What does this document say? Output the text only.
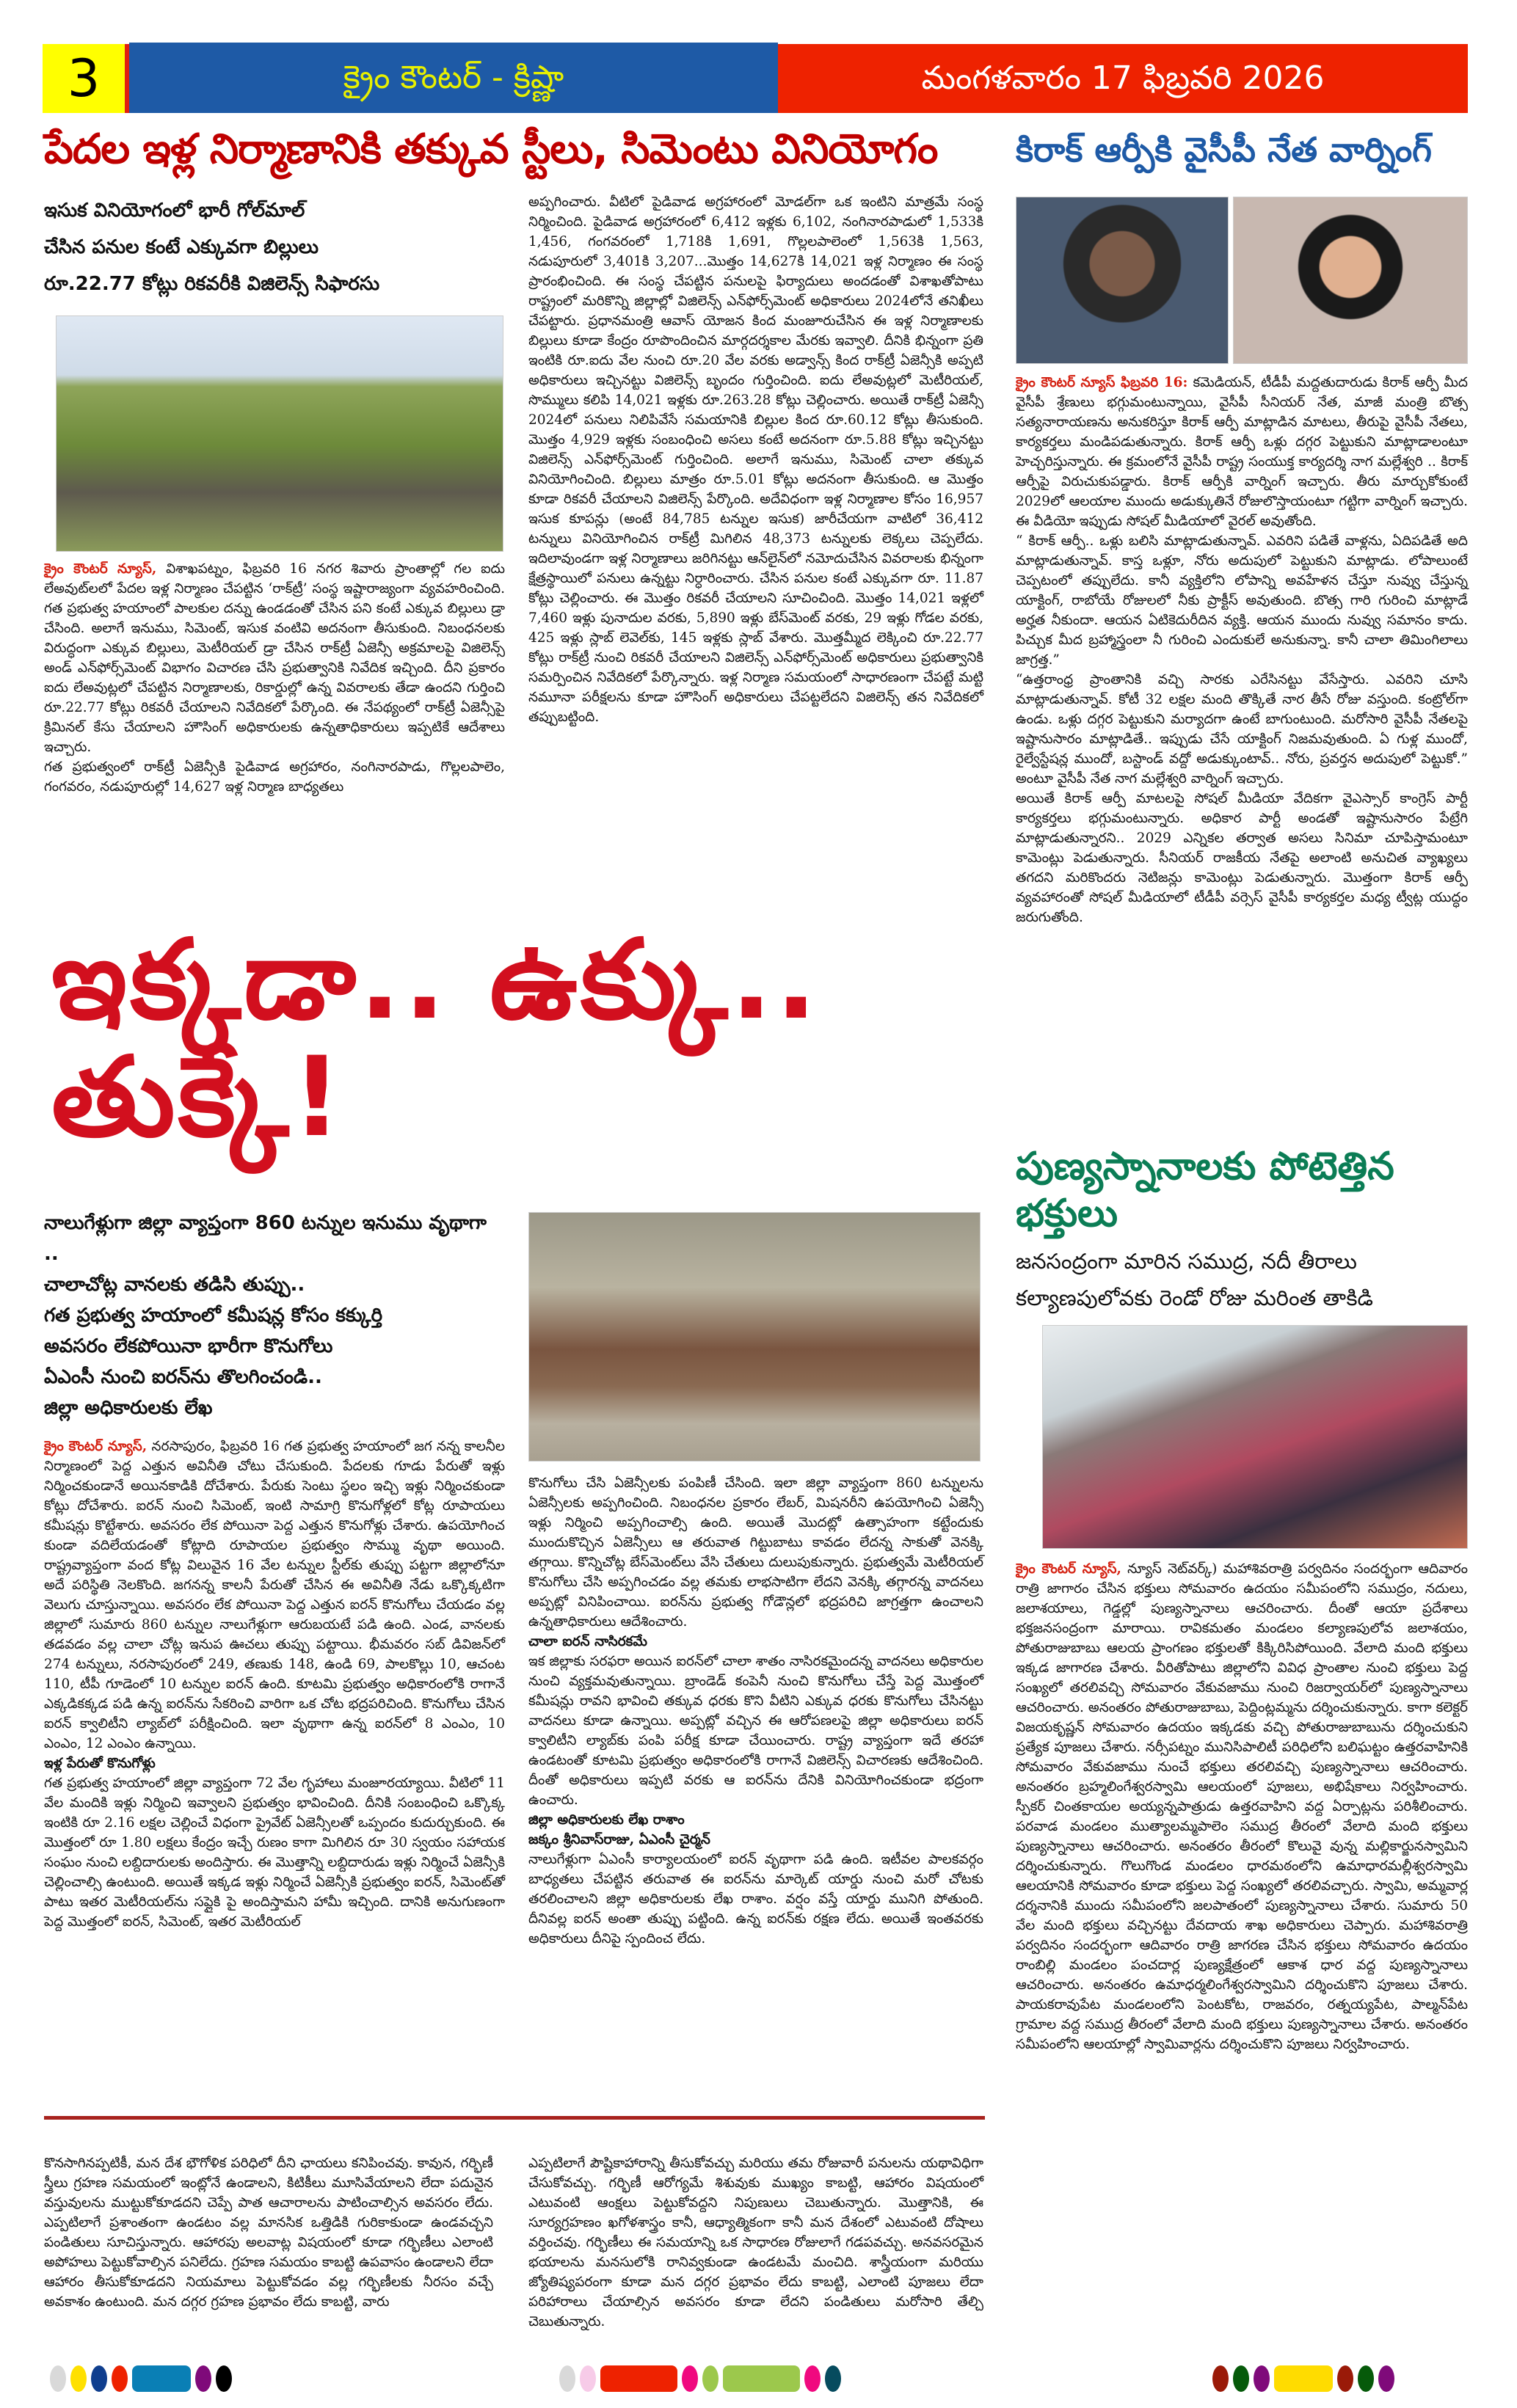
3	క్రైం కౌంటర్ - క్రిష్ణా	మంగళవారం 17 ఫిబ్రవరి 2026
పేదల ఇళ్ల నిర్మాణానికి తక్కువ స్టీలు, సిమెంటు వినియోగం
ఇసుక వినియోగంలో భారీ గోల్‌మాల్
చేసిన పనుల కంటే ఎక్కువగా బిల్లులు
రూ.22.77 కోట్లు రికవరీకి విజిలెన్స్ సిఫారసు

క్రైం కౌంటర్ న్యూస్, విశాఖపట్నం, ఫిబ్రవరి 16 నగర శివారు ప్రాంతాల్లో గల ఐదు లేఅవుట్‌లలో పేదల ఇళ్ల నిర్మాణం చేపట్టిన ‘రాక్‌ట్రీ’ సంస్థ ఇష్టారాజ్యంగా వ్యవహరించింది. గత ప్రభుత్వ హయాంలో పాలకుల దన్ను ఉండడంతో చేసిన పని కంటే ఎక్కువ బిల్లులు డ్రా చేసింది. అలాగే ఇనుము, సిమెంట్, ఇసుక వంటివి అదనంగా తీసుకుంది. నిబంధనలకు విరుద్ధంగా ఎక్కువ బిల్లులు, మెటీరియల్ డ్రా చేసిన రాక్‌ట్రీ ఏజెన్సీ అక్రమాలపై విజిలెన్స్ అండ్ ఎన్‌ఫోర్స్‌మెంట్ విభాగం విచారణ చేసి ప్రభుత్వానికి నివేదిక ఇచ్చింది. దీని ప్రకారం ఐదు లేఅవుట్లలో చేపట్టిన నిర్మాణాలకు, రికార్డుల్లో ఉన్న వివరాలకు తేడా ఉందని గుర్తించి రూ.22.77 కోట్లు రికవరీ చేయాలని నివేదికలో పేర్కొంది. ఈ నేపథ్యంలో రాక్‌ట్రీ ఏజెన్సీపై క్రిమినల్ కేసు చేయాలని హౌసింగ్ అధికారులకు ఉన్నతాధికారులు ఇప్పటికే ఆదేశాలు ఇచ్చారు.

గత ప్రభుత్వంలో రాక్‌ట్రీ ఏజెన్సీకి పైడివాడ అగ్రహారం, నంగినారపాడు, గొల్లలపాలెం, గంగవరం, నడుపూరుల్లో 14,627 ఇళ్ల నిర్మాణ బాధ్యతలు

అప్పగించారు. వీటిలో పైడివాడ అగ్రహారంలో మోడల్‌గా ఒక ఇంటిని మాత్రమే సంస్థ నిర్మించింది. పైడివాడ అగ్రహారంలో 6,412 ఇళ్లకు 6,102, నంగినారపాడులో 1,533కి 1,456, గంగవరంలో 1,718కి 1,691, గొల్లలపాలెంలో 1,563కి 1,563, నడుపూరులో 3,401కి 3,207...మొత్తం 14,627కి 14,021 ఇళ్ల నిర్మాణం ఈ సంస్థ ప్రారంభించింది. ఈ సంస్థ చేపట్టిన పనులపై ఫిర్యాదులు అందడంతో విశాఖతోపాటు రాష్ట్రంలో మరికొన్ని జిల్లాల్లో విజిలెన్స్ ఎన్‌ఫోర్స్‌మెంట్ అధికారులు 2024లోనే తనిఖీలు చేపట్టారు. ప్రధానమంత్రి ఆవాస్ యోజన కింద మంజూరుచేసిన ఈ ఇళ్ల నిర్మాణాలకు బిల్లులు కూడా కేంద్రం రూపొందించిన మార్గదర్శకాల మేరకు ఇవ్వాలి. దీనికి భిన్నంగా ప్రతి ఇంటికి రూ.ఐదు వేల నుంచి రూ.20 వేల వరకు అడ్వాన్స్ కింద రాక్‌ట్రీ ఏజెన్సీకి అప్పటి అధికారులు ఇచ్చినట్టు విజిలెన్స్ బృందం గుర్తించింది. ఐదు లేఅవుట్లలో మెటీరియల్, సొమ్ములు కలిపి 14,021 ఇళ్లకు రూ.263.28 కోట్లు చెల్లించారు. అయితే రాక్‌ట్రీ ఏజెన్సీ 2024లో పనులు నిలిపివేసే సమయానికి బిల్లుల కింద రూ.60.12 కోట్లు తీసుకుంది. మొత్తం 4,929 ఇళ్లకు సంబంధించి అసలు కంటే అదనంగా రూ.5.88 కోట్లు ఇచ్చినట్టు విజిలెన్స్ ఎన్‌ఫోర్స్‌మెంట్ గుర్తించింది. అలాగే ఇనుము, సిమెంట్ చాలా తక్కువ వినియోగించింది. బిల్లులు మాత్రం రూ.5.01 కోట్లు అదనంగా తీసుకుంది. ఆ మొత్తం కూడా రికవరీ చేయాలని విజిలెన్స్ పేర్కొంది. అదేవిధంగా ఇళ్ల నిర్మాణాల కోసం 16,957 ఇసుక కూపన్లు (అంటే 84,785 టన్నుల ఇసుక) జారీచేయగా వాటిలో 36,412 టన్నులు వినియోగించిన రాక్‌ట్రీ మిగిలిన 48,373 టన్నులకు లెక్కలు చెప్పలేదు. ఇదిలావుండగా ఇళ్ల నిర్మాణాలు జరిగినట్టు ఆన్‌లైన్‌లో నమోదుచేసిన వివరాలకు భిన్నంగా క్షేత్రస్థాయిలో పనులు ఉన్నట్టు నిర్ధారించారు. చేసిన పనుల కంటే ఎక్కువగా రూ. 11.87 కోట్లు చెల్లించారు. ఈ మొత్తం రికవరీ చేయాలని సూచించింది. మొత్తం 14,021 ఇళ్లలో 7,460 ఇళ్లు పునాదుల వరకు, 5,890 ఇళ్లు బేస్‌మెంట్ వరకు, 29 ఇళ్లు గోడల వరకు, 425 ఇళ్లు స్లాబ్ లెవెల్‌కు, 145 ఇళ్లకు స్లాబ్ వేశారు. మొత్తమ్మీద లెక్కించి రూ.22.77 కోట్లు రాక్‌ట్రీ నుంచి రికవరీ చేయాలని విజిలెన్స్ ఎన్‌ఫోర్స్‌మెంట్ అధికారులు ప్రభుత్వానికి సమర్పించిన నివేదికలో పేర్కొన్నారు. ఇళ్ల నిర్మాణ సమయంలో సాధారణంగా చేపట్టే మట్టి నమూనా పరీక్షలను కూడా హౌసింగ్ అధికారులు చేపట్టలేదని విజిలెన్స్ తన నివేదికలో తప్పుబట్టింది.
ఇక్కడా.. ఉక్కు.. తుక్కే!
నాలుగేళ్లుగా జిల్లా వ్యాప్తంగా 860 టన్నుల ఇనుము వృథాగా ..
చాలాచోట్ల వానలకు తడిసి తుప్పు..
గత ప్రభుత్వ హయాంలో కమీషన్ల కోసం కక్కుర్తి
అవసరం లేకపోయినా భారీగా కొనుగోలు
ఏఎంసీ నుంచి ఐరన్‌ను తొలగించండి..
జిల్లా అధికారులకు లేఖ

క్రైం కౌంటర్ న్యూస్, నరసాపురం, ఫిబ్రవరి 16 గత ప్రభుత్వ హయాంలో జగ నన్న కాలనీల నిర్మాణంలో పెద్ద ఎత్తున అవినీతి చోటు చేసుకుంది. పేదలకు గూడు పేరుతో ఇళ్లు నిర్మించకుండానే అయినకాడికి దోచేశారు. పేరుకు సెంటు స్థలం ఇచ్చి ఇళ్లు నిర్మించకుండా కోట్లు దోచేశారు. ఐరన్ నుంచి సిమెంట్, ఇంటి సామాగ్రి కొనుగోళ్లలో కోట్ల రూపాయలు కమీషన్లు కొట్టేశారు. అవసరం లేక పోయినా పెద్ద ఎత్తున కొనుగోళ్లు చేశారు. ఉపయోగించ కుండా వదిలేయడంతో కోట్లాది రూపాయల ప్రభుత్వం సొమ్ము వృథా అయింది. రాష్ట్రవ్యాప్తంగా వంద కోట్ల విలువైన 16 వేల టన్నుల స్టీల్‌కు తుప్పు పట్టగా జిల్లాలోనూ అదే పరిస్థితి నెలకొంది. జగనన్న కాలనీ పేరుతో చేసిన ఈ అవినీతి నేడు ఒక్కొక్కటిగా వెలుగు చూస్తున్నాయి. అవసరం లేక పోయినా పెద్ద ఎత్తున ఐరన్ కొనుగోలు చేయడం వల్ల జిల్లాలో సుమారు 860 టన్నుల నాలుగేళ్లుగా ఆరుబయటే పడి ఉంది. ఎండ, వానలకు తడవడం వల్ల చాలా చోట్ల ఇనుప ఊచలు తుప్పు పట్టాయి. భీమవరం సబ్ డివిజన్‌లో 274 టన్నులు, నరసాపురంలో 249, తణుకు 148, ఉండి 69, పాలకొల్లు 10, ఆచంట 110, టీపీ గూడెంలో 10 టన్నుల ఐరన్ ఉంది. కూటమి ప్రభుత్వం అధికారంలోకి రాగానే ఎక్కడికక్కడ పడి ఉన్న ఐరన్‌ను సేకరించి వారిగా ఒక చోట భద్రపరిచింది. కొనుగోలు చేసిన ఐరన్ క్వాలిటీని ల్యాబ్‌లో పరీక్షించింది. ఇలా వృథాగా ఉన్న ఐరన్‌లో 8 ఎంఎం, 10 ఎంఎం, 12 ఎంఎం ఉన్నాయి.

ఇళ్ల పేరుతో కొనుగోళ్లు

గత ప్రభుత్వ హయాంలో జిల్లా వ్యాప్తంగా 72 వేల గృహాలు మంజూరయ్యాయి. వీటిలో 11 వేల మందికి ఇళ్లు నిర్మించి ఇవ్వాలని ప్రభుత్వం భావించింది. దీనికి సంబంధించి ఒక్కొక్క ఇంటికి రూ 2.16 లక్షల చెల్లించే విధంగా ప్రైవేట్ ఏజెన్సీలతో ఒప్పందం కుదుర్చుకుంది. ఈ మొత్తంలో రూ 1.80 లక్షలు కేంద్రం ఇచ్చే రుణం కాగా మిగిలిన రూ 30 స్వయం సహాయక సంఘం నుంచి లబ్దిదారులకు అందిస్తారు. ఈ మొత్తాన్ని లబ్దిదారుడు ఇళ్లు నిర్మించే ఏజెన్సీకి చెల్లించాల్సి ఉంటుంది. అయితే ఇక్కడ ఇళ్లు నిర్మించే ఏజెన్సీకి ప్రభుత్వం ఐరన్, సిమెంట్‌తో పాటు ఇతర మెటీరియల్‌ను సప్లైకి పై అందిస్తామని హామీ ఇచ్చింది. దానికి అనుగుణంగా పెద్ద మొత్తంలో ఐరన్, సిమెంట్, ఇతర మెటీరియల్

కొనుగోలు చేసి ఏజెన్సీలకు పంపిణీ చేసింది. ఇలా జిల్లా వ్యాప్తంగా 860 టన్నులను ఏజెన్సీలకు అప్పగించింది. నిబంధనల ప్రకారం లేబర్, మిషనరీని ఉపయోగించి ఏజెన్సీ ఇళ్లు నిర్మించి అప్పగించాల్సి ఉంది. అయితే మొదట్లో ఉత్సాహంగా కట్టేందుకు ముందుకొచ్చిన ఏజెన్సీలు ఆ తరువాత గిట్టుబాటు కావడం లేదన్న సాకుతో వెనక్కి తగ్గాయి. కొన్నిచోట్ల బేస్‌మెంట్‌లు వేసి చేతులు దులుపుకున్నారు. ప్రభుత్వమే మెటీరియల్ కొనుగోలు చేసి అప్పగించడం వల్ల తమకు లాభసాటిగా లేదని వెనక్కి తగ్గారన్న వాదనలు అప్పట్లో వినిపించాయి. ఐరన్‌ను ప్రభుత్వ గోడౌన్లలో భద్రపరిచి జాగ్రత్తగా ఉంచాలని ఉన్నతాధికారులు ఆదేశించారు.

చాలా ఐరన్ నాసిరకమే

ఇక జిల్లాకు సరఫరా అయిన ఐరన్‌లో చాలా శాతం నాసిరకమైందన్న వాదనలు అధికారుల నుంచి వ్యక్తమవుతున్నాయి. బ్రాండెడ్ కంపెనీ నుంచి కొనుగోలు చేస్తే పెద్ద మొత్తంలో కమీషన్లు రావని భావించి తక్కువ ధరకు కొని వీటిని ఎక్కువ ధరకు కొనుగోలు చేసినట్టు వాదనలు కూడా ఉన్నాయి. అప్పట్లో వచ్చిన ఈ ఆరోపణలపై జిల్లా అధికారులు ఐరన్ క్వాలిటీని ల్యాబ్‌కు పంపి పరీక్ష కూడా చేయించారు. రాష్ట్ర వ్యాప్తంగా ఇదే తరహా ఉండటంతో కూటమి ప్రభుత్వం అధికారంలోకి రాగానే విజిలెన్స్ విచారణకు ఆదేశించింది. దీంతో అధికారులు ఇప్పటి వరకు ఆ ఐరన్‌ను దేనికి వినియోగించకుండా భద్రంగా ఉంచారు.

జిల్లా అధికారులకు లేఖ రాశాం

జక్కం శ్రీనివాస్‌రాజు, ఏఎంసీ చైర్మన్

నాలుగేళ్లుగా ఏఎంసీ కార్యాలయంలో ఐరన్ వృథాగా పడి ఉంది. ఇటీవల పాలకవర్గం బాధ్యతలు చేపట్టిన తరువాత ఈ ఐరన్‌ను మార్కెట్ యార్డు నుంచి మరో చోటకు తరలించాలని జిల్లా అధికారులకు లేఖ రాశాం. వర్షం వస్తే యార్డు మునిగి పోతుంది. దీనివల్ల ఐరన్ అంతా తుప్పు పట్టింది. ఉన్న ఐరన్‌కు రక్షణ లేదు. అయితే ఇంతవరకు అధికారులు దీనిపై స్పందించ లేదు.

కొనసాగినప్పటికీ, మన దేశ భౌగోళిక పరిధిలో దీని ఛాయలు కనిపించవు. కావున, గర్భిణీ స్త్రీలు గ్రహణ సమయంలో ఇంట్లోనే ఉండాలని, కిటికీలు మూసివేయాలని లేదా పదునైన వస్తువులను ముట్టుకోకూడదని చెప్పే పాత ఆచారాలను పాటించాల్సిన అవసరం లేదు. ఎప్పటిలాగే ప్రశాంతంగా ఉండటం వల్ల మానసిక ఒత్తిడికి గురికాకుండా ఉండవచ్చని పండితులు సూచిస్తున్నారు. ఆహారపు అలవాట్ల విషయంలో కూడా గర్భిణీలు ఎలాంటి అపోహలు పెట్టుకోవాల్సిన పనిలేదు. గ్రహణ సమయం కాబట్టి ఉపవాసం ఉండాలని లేదా ఆహారం తీసుకోకూడదని నియమాలు పెట్టుకోవడం వల్ల గర్భిణీలకు నీరసం వచ్చే అవకాశం ఉంటుంది. మన దగ్గర గ్రహణ ప్రభావం లేదు కాబట్టి, వారు
ఎప్పటిలాగే పౌష్టికాహారాన్ని తీసుకోవచ్చు మరియు తమ రోజువారీ పనులను యథావిధిగా చేసుకోవచ్చు. గర్భిణీ ఆరోగ్యమే శిశువుకు ముఖ్యం కాబట్టి, ఆహారం విషయంలో ఎటువంటి ఆంక్షలు పెట్టుకోవద్దని నిపుణులు చెబుతున్నారు. మొత్తానికి, ఈ సూర్యగ్రహణం ఖగోళశాస్త్రం కానీ, ఆధ్యాత్మికంగా కానీ మన దేశంలో ఎటువంటి దోషాలు వర్తించవు. గర్భిణీలు ఈ సమయాన్ని ఒక సాధారణ రోజులాగే గడపవచ్చు. అనవసరమైన భయాలను మనసులోకి రానివ్వకుండా ఉండటమే మంచిది. శాస్త్రీయంగా మరియు జ్యోతిష్యపరంగా కూడా మన దగ్గర ప్రభావం లేదు కాబట్టి, ఎలాంటి పూజలు లేదా పరిహారాలు చేయాల్సిన అవసరం కూడా లేదని పండితులు మరోసారి తేల్చి చెబుతున్నారు.
కిరాక్ ఆర్పీకి వైసీపీ నేత వార్నింగ్

క్రైం కౌంటర్ న్యూస్ ఫిబ్రవరి 16: కమెడియన్, టీడీపీ మద్దతుదారుడు కిరాక్ ఆర్పీ మీద వైసీపీ శ్రేణులు భగ్గుమంటున్నాయి, వైసీపీ సీనియర్ నేత, మాజీ మంత్రి బొత్స సత్యనారాయణను అనుకరిస్తూ కిరాక్ ఆర్పీ మాట్లాడిన మాటలు, తీరుపై వైసీపీ నేతలు, కార్యకర్తలు మండిపడుతున్నారు. కిరాక్ ఆర్పీ ఒళ్లు దగ్గర పెట్టుకుని మాట్లాడాలంటూ హెచ్చరిస్తున్నారు. ఈ క్రమంలోనే వైసీపీ రాష్ట్ర సంయుక్త కార్యదర్శి నాగ మల్లేశ్వరి .. కిరాక్ ఆర్పీపై విరుచుకుపడ్డారు. కిరాక్ ఆర్పీకి వార్నింగ్ ఇచ్చారు. తీరు మార్చుకోకుంటే 2029లో ఆలయాల ముందు అడుక్కుతినే రోజులొస్తాయంటూ గట్టిగా వార్నింగ్ ఇచ్చారు. ఈ వీడియో ఇప్పుడు సోషల్ మీడియాలో వైరల్ అవుతోంది.

“ కిరాక్ ఆర్పీ.. ఒళ్లు బలిసి మాట్లాడుతున్నావ్. ఎవరిని పడితే వాళ్లను, ఏదిపడితే అది మాట్లాడుతున్నావ్. కాస్త ఒళ్లూ, నోరు అదుపులో పెట్టుకుని మాట్లాడు. లోపాలుంటే చెప్పటంలో తప్పులేదు. కానీ వ్యక్తిలోని లోపాన్ని అవహేళన చేస్తూ నువ్వు చేస్తున్న యాక్టింగ్, రాబోయే రోజులలో నీకు ప్రాక్టీస్ అవుతుంది. బొత్స గారి గురించి మాట్లాడే అర్హత నీకుందా. ఆయన ఏటికెదురీదిన వ్యక్తి. ఆయన ముందు నువ్వు సమానం కాదు. పిచ్చుక మీద బ్రహ్మాస్త్రంలా నీ గురించి ఎందుకులే అనుకున్నా. కానీ చాలా తిమింగిలాలు జాగ్రత్త.”

“ఉత్తరాంధ్ర ప్రాంతానికి వచ్చి సారకు ఎరేసినట్టు వేసేస్తారు. ఎవరిని చూసి మాట్లాడుతున్నావ్. కోటీ 32 లక్షల మంది తొక్కితే నార తీసే రోజు వస్తుంది. కంట్రోల్‌గా ఉండు. ఒళ్లు దగ్గర పెట్టుకుని మర్యాదగా ఉంటే బాగుంటుంది. మరోసారి వైసీపీ నేతలపై ఇష్టానుసారం మాట్లాడితే.. ఇప్పుడు చేసే యాక్టింగ్ నిజమవుతుంది. ఏ గుళ్ల ముందో, రైల్వేస్టేషన్ల ముందో, బస్టాండ్ వద్దో అడుక్కుంటావ్.. నోరు, ప్రవర్తన అదుపులో పెట్టుకో.” అంటూ వైసీపీ నేత నాగ మల్లేశ్వరి వార్నింగ్ ఇచ్చారు.

అయితే కిరాక్ ఆర్పీ మాటలపై సోషల్ మీడియా వేదికగా వైఎస్సార్ కాంగ్రెస్ పార్టీ కార్యకర్తలు భగ్గుమంటున్నారు. అధికార పార్టీ అండతో ఇష్టానుసారం పేట్రేగి మాట్లాడుతున్నారని.. 2029 ఎన్నికల తర్వాత అసలు సినిమా చూపిస్తామంటూ కామెంట్లు పెడుతున్నారు. సీనియర్ రాజకీయ నేతపై అలాంటి అనుచిత వ్యాఖ్యలు తగదని మరికొందరు నెటిజన్లు కామెంట్లు పెడుతున్నారు. మొత్తంగా కిరాక్ ఆర్పీ వ్యవహారంతో సోషల్ మీడియాలో టీడీపీ వర్సెస్ వైసీపీ కార్యకర్తల మధ్య ట్వీట్ల యుద్ధం జరుగుతోంది.

పుణ్యస్నానాలకు పోటెత్తిన భక్తులు
జనసంద్రంగా మారిన సముద్ర, నదీ తీరాలు
కల్యాణపులోవకు రెండో రోజు మరింత తాకిడి

క్రైం కౌంటర్ న్యూస్, న్యూస్ నెట్‌వర్క్) మహాశివరాత్రి పర్వదినం సందర్భంగా ఆదివారం రాత్రి జాగారం చేసిన భక్తులు సోమవారం ఉదయం సమీపంలోని సముద్రం, నదులు, జలాశయాలు, గెడ్డల్లో పుణ్యస్నానాలు ఆచరించారు. దీంతో ఆయా ప్రదేశాలు భక్తజనసంద్రంగా మారాయి. రావికమతం మండలం కల్యాణపులోవ జలాశయం, పోతురాజుబాబు ఆలయ ప్రాంగణం భక్తులతో కిక్కిరిసిపోయింది. వేలాది మంది భక్తులు ఇక్కడ జాగారణ చేశారు. వీరితోపాటు జిల్లాలోని వివిధ ప్రాంతాల నుంచి భక్తులు పెద్ద సంఖ్యలో తరలివచ్చి సోమవారం వేకువజాము నుంచి రిజర్వాయర్‌లో పుణ్యస్నానాలు ఆచరించారు. అనంతరం పోతురాజుబాబు, పెద్దింట్లమ్మను దర్శించుకున్నారు. కాగా కలెక్టర్ విజయకృష్ణన్ సోమవారం ఉదయం ఇక్కడకు వచ్చి పోతురాజుబాబును దర్శించుకుని ప్రత్యేక పూజలు చేశారు. నర్సీపట్నం మునిసిపాలిటీ పరిధిలోని బలిఘట్టం ఉత్తరవాహినికి సోమవారం వేకువజాము నుంచే భక్తులు తరలివచ్చి పుణ్యస్నానాలు ఆచరించారు. అనంతరం బ్రహ్మలింగేశ్వరస్వామి ఆలయంలో పూజలు, అభిషేకాలు నిర్వహించారు. స్పీకర్ చింతకాయల అయ్యన్నపాత్రుడు ఉత్తరవాహిని వద్ద ఏర్పాట్లను పరిశీలించారు. పరవాడ మండలం ముత్యాలమ్మపాలెం సముద్ర తీరంలో వేలాది మంది భక్తులు పుణ్యస్నానాలు ఆచరించారు. అనంతరం తీరంలో కొలువై వున్న మల్లికార్జునస్వామిని దర్శించుకున్నారు. గొలుగొండ మండలం ధారమఠంలోని ఉమాధారమల్లీశ్వరస్వామి ఆలయానికి సోమవారం కూడా భక్తులు పెద్ద సంఖ్యలో తరలివచ్చారు. స్వామి, అమ్మవార్ల దర్శనానికి ముందు సమీపంలోని జలపాతంలో పుణ్యస్నానాలు చేశారు. సుమారు 50 వేల మంది భక్తులు వచ్చినట్టు దేవదాయ శాఖ అధికారులు చెప్పారు. మహాశివరాత్రి పర్వదినం సందర్భంగా ఆదివారం రాత్రి జాగరణ చేసిన భక్తులు సోమవారం ఉదయం రాంబిల్లి మండలం పంచదార్ల పుణ్యక్షేత్రంలో ఆకాశ ధార వద్ద పుణ్యస్నానాలు ఆచరించారు. అనంతరం ఉమాధర్మలింగేశ్వరస్వామిని దర్శించుకొని పూజలు చేశారు. పాయకరావుపేట మండలంలోని పెంటకోట, రాజవరం, రత్నయ్యపేట, పాల్మన్‌పేట గ్రామాల వద్ద సముద్ర తీరంలో వేలాది మంది భక్తులు పుణ్యస్నానాలు చేశారు. అనంతరం సమీపంలోని ఆలయాల్లో స్వామివార్లను దర్శించుకొని పూజలు నిర్వహించారు.
